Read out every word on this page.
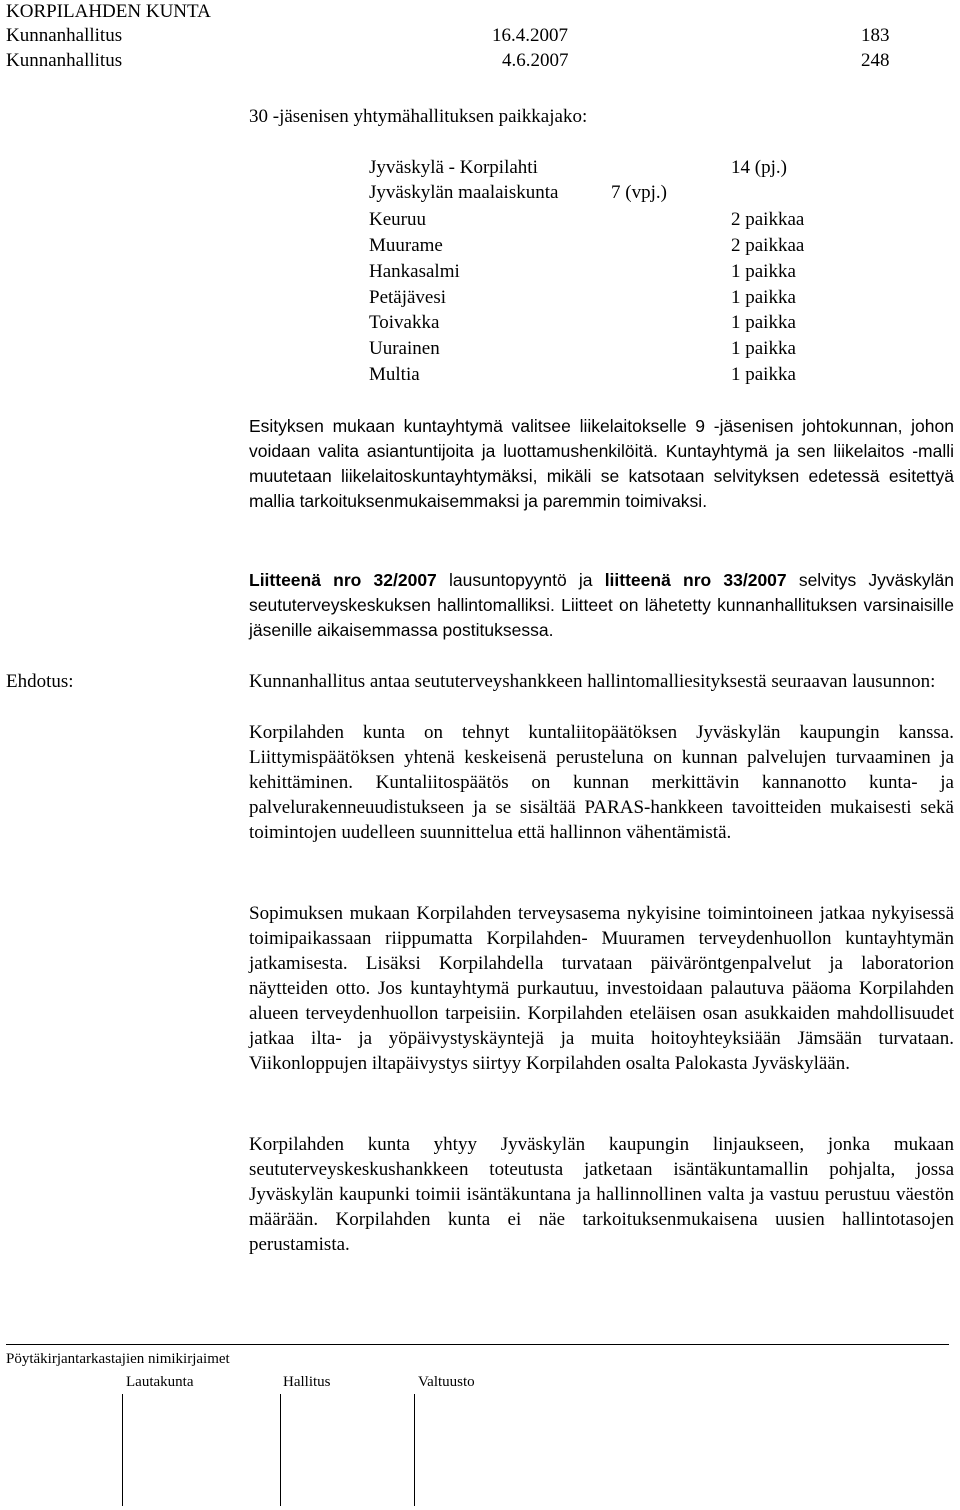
KORPILAHDEN KUNTA
Kunnanhallitus	16.4.2007	183
Kunnanhallitus	4.6.2007	248
30 -jäsenisen yhtymähallituksen paikkajako:
Jyväskylä - Korpilahti	14 (pj.)
Jyväskylän maalaiskunta	7 (vpj.)
Keuruu	2 paikkaa
Muurame	2 paikkaa
Hankasalmi	1 paikka
Petäjävesi	1 paikka
Toivakka	1 paikka
Uurainen	1 paikka
Multia	1 paikka
Esityksen mukaan kuntayhtymä valitsee liikelaitokselle 9 -jäsenisen johtokunnan, johon voidaan valita asiantuntijoita ja luottamushenkilöitä. Kuntayhtymä ja sen liikelaitos -malli muutetaan liikelaitoskuntayhtymäksi, mikäli se katsotaan selvityksen edetessä esitettyä mallia tarkoituksenmukaisemmaksi ja paremmin toimivaksi.
Liitteenä nro 32/2007 lausuntopyyntö ja liitteenä nro 33/2007 selvitys Jyväskylän seututerveyskeskuksen hallintomalliksi. Liitteet on lähetetty kunnanhallituksen varsinaisille jäsenille aikaisemmassa postituksessa.
Ehdotus:	Kunnanhallitus antaa seututerveyshankkeen hallintomalliesityksestä seuraavan lausunnon:
Korpilahden kunta on tehnyt kuntaliitopäätöksen Jyväskylän kaupungin kanssa. Liittymispäätöksen yhtenä keskeisenä perusteluna on kunnan palvelujen turvaaminen ja kehittäminen. Kuntaliitospäätös on kunnan merkittävin kannanotto kunta- ja palvelurakenneuudistukseen ja se sisältää PARAS-hankkeen tavoitteiden mukaisesti sekä toimintojen uudelleen suunnittelua että hallinnon vähentämistä.
Sopimuksen mukaan Korpilahden terveysasema nykyisine toimintoineen jatkaa nykyisessä toimipaikassaan riippumatta Korpilahden- Muuramen terveydenhuollon kuntayhtymän jatkamisesta. Lisäksi Korpilahdella turvataan päiväröntgenpalvelut ja laboratorion näytteiden otto. Jos kuntayhtymä purkautuu, investoidaan palautuva pääoma Korpilahden alueen terveydenhuollon tarpeisiin. Korpilahden eteläisen osan asukkaiden mahdollisuudet jatkaa ilta- ja yöpäivystyskäyntejä ja muita hoitoyhteyksiään Jämsään turvataan. Viikonloppujen iltapäivystys siirtyy Korpilahden osalta Palokasta Jyväskylään.
Korpilahden kunta yhtyy Jyväskylän kaupungin linjaukseen, jonka mukaan seututerveyskeskushankkeen toteutusta jatketaan isäntäkuntamallin pohjalta, jossa Jyväskylän kaupunki toimii isäntäkuntana ja hallinnollinen valta ja vastuu perustuu väestön määrään. Korpilahden kunta ei näe tarkoituksenmukaisena uusien hallintotasojen perustamista.
Pöytäkirjantarkastajien nimikirjaimet
Lautakunta	Hallitus	Valtuusto
